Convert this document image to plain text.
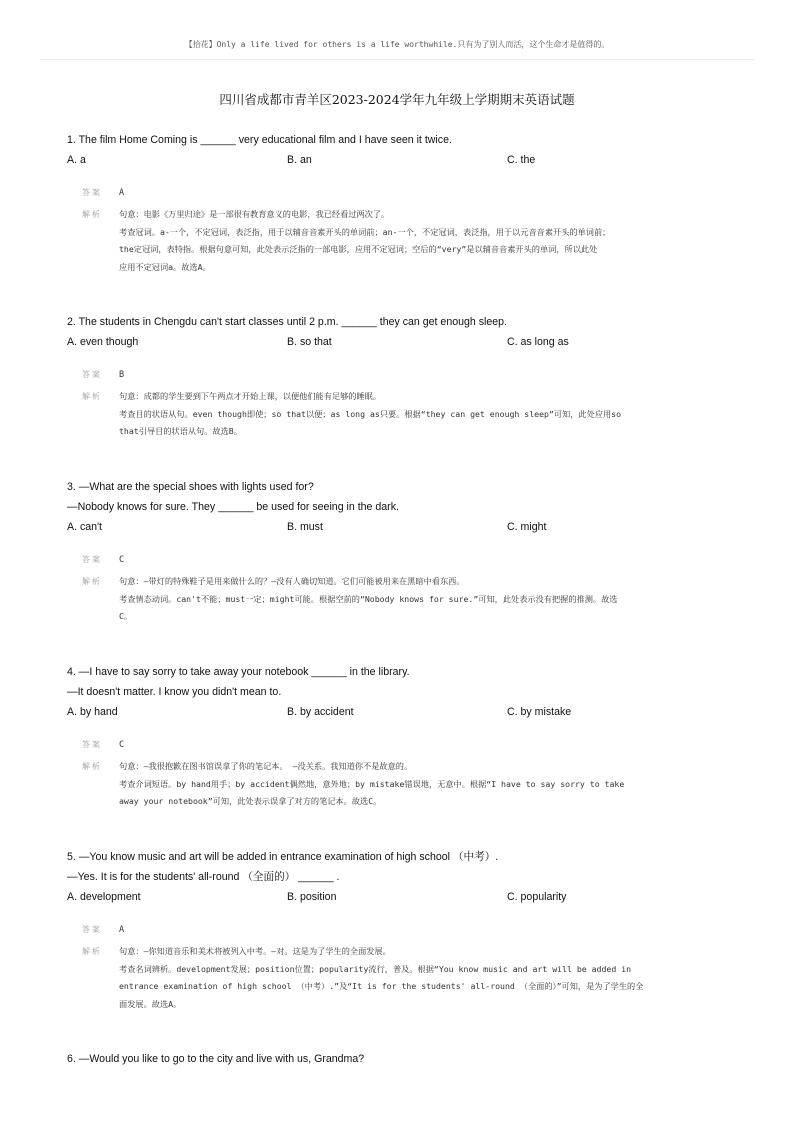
【拾花】Only a life lived for others is a life worthwhile.只有为了别人而活，这个生命才是值得的。
四川省成都市青羊区2023-2024学年九年级上学期期末英语试题
1. The film Home Coming is ______ very educational film and I have seen it twice.
A. a	B. an	C. the
答案 A
解析 句意：电影《万里归途》是一部很有教育意义的电影，我已经看过两次了。
考查冠词。a-一个，不定冠词，表泛指，用于以辅音音素开头的单词前；an-一个，不定冠词，表泛指，用于以元音音素开头的单词前；
the定冠词，表特指。根据句意可知，此处表示泛指的一部电影，应用不定冠词；空后的“very”是以辅音音素开头的单词，所以此处
应用不定冠词a。故选A。
2. The students in Chengdu can't start classes until 2 p.m. ______ they can get enough sleep.
A. even though	B. so that	C. as long as
答案 B
解析 句意：成都的学生要到下午两点才开始上课，以便他们能有足够的睡眠。
考查目的状语从句。even though即使；so that以便；as long as只要。根据“they can get enough sleep”可知，此处应用so
that引导目的状语从句。故选B。
3. —What are the special shoes with lights used for?
—Nobody knows for sure. They ______ be used for seeing in the dark.
A. can't	B. must	C. might
答案 C
解析 句意：—带灯的特殊鞋子是用来做什么的？—没有人确切知道。它们可能被用来在黑暗中看东西。
考查情态动词。can't不能；must一定；might可能。根据空前的“Nobody knows for sure.”可知，此处表示没有把握的推测。故选
C。
4. —I have to say sorry to take away your notebook ______ in the library.
—It doesn't matter. I know you didn't mean to.
A. by hand	B. by accident	C. by mistake
答案 C
解析 句意：—我很抱歉在图书馆误拿了你的笔记本。 —没关系。我知道你不是故意的。
考查介词短语。by hand用手；by accident偶然地，意外地；by mistake错误地，无意中。根据“I have to say sorry to take
away your notebook”可知，此处表示误拿了对方的笔记本。故选C。
5. —You know music and art will be added in entrance examination of high school （中考）.
—Yes. It is for the students' all-round （全面的） ______ .
A. development	B. position	C. popularity
答案 A
解析 句意：—你知道音乐和美术将被列入中考。—对。这是为了学生的全面发展。
考查名词辨析。development发展；position位置；popularity流行，普及。根据“You know music and art will be added in
entrance examination of high school （中考）.”及“It is for the students' all-round （全面的）”可知，是为了学生的全
面发展。故选A。
6. —Would you like to go to the city and live with us, Grandma?
